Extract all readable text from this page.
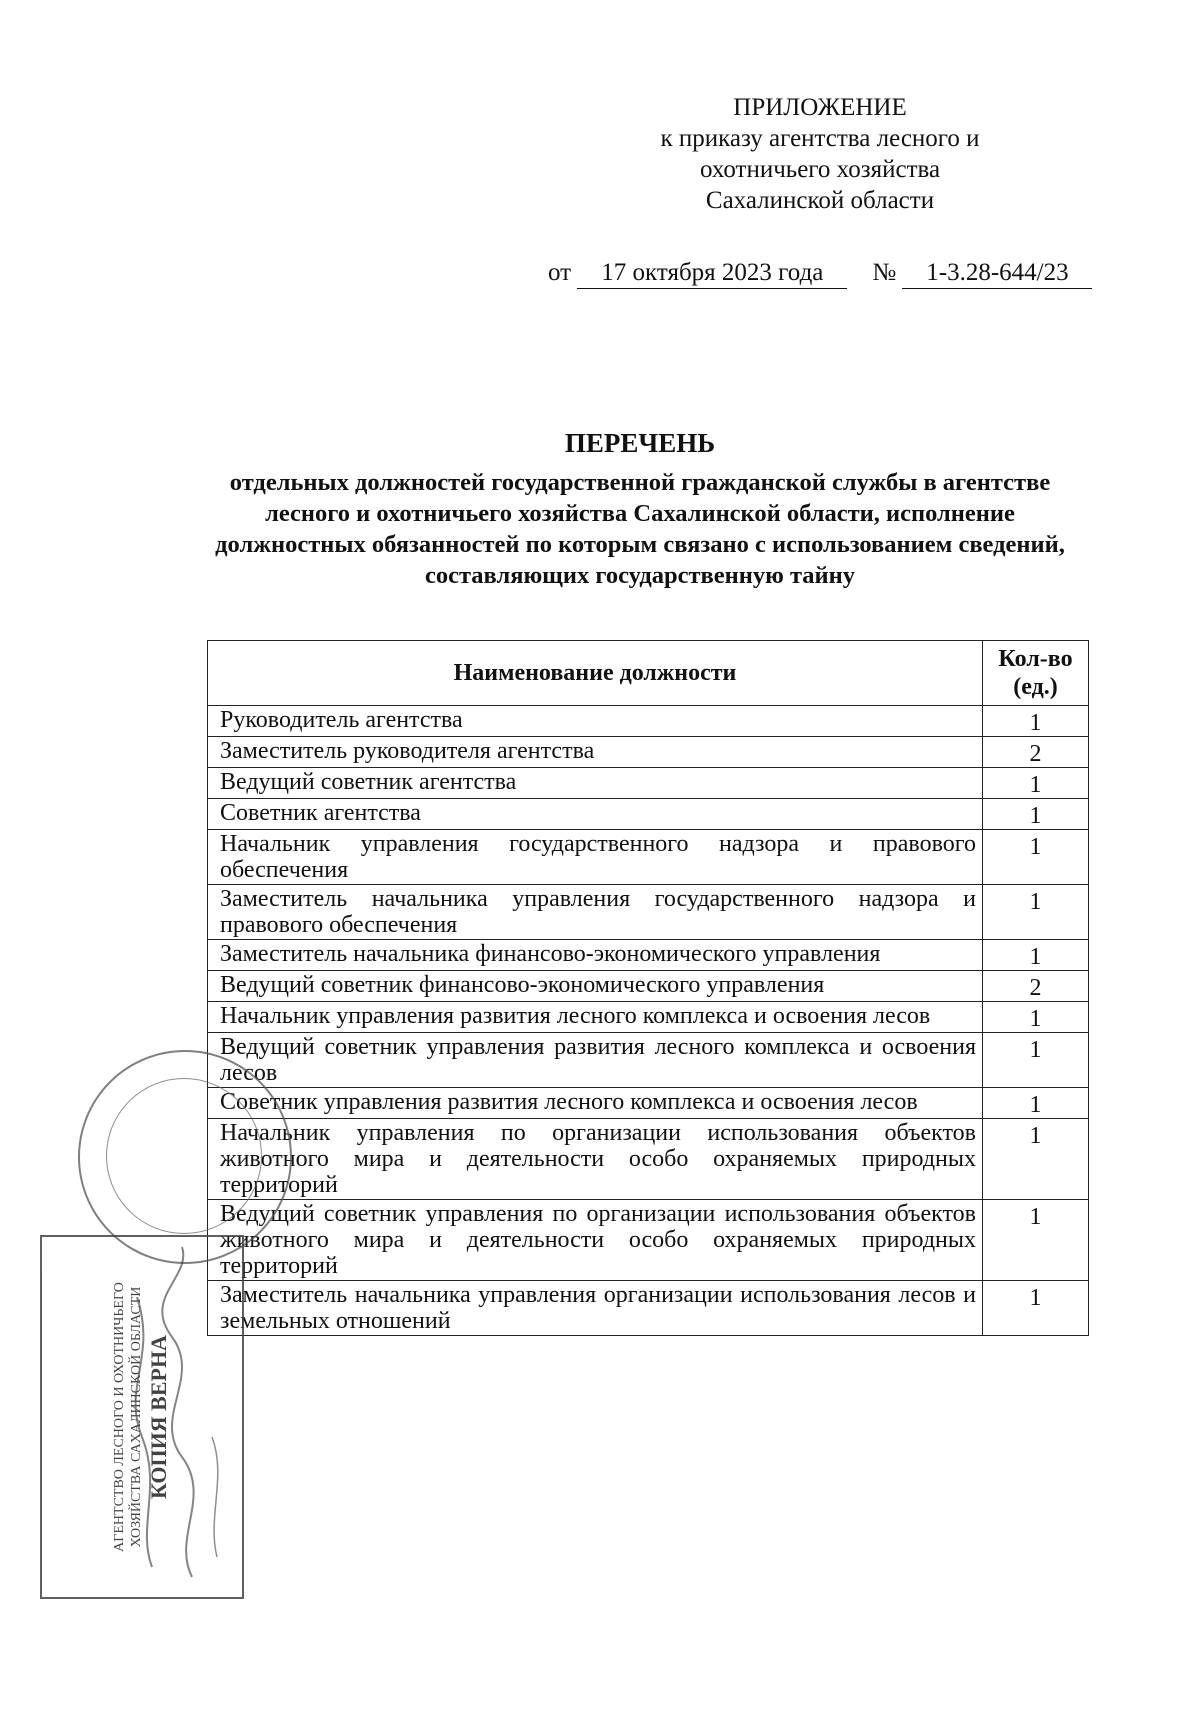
ПРИЛОЖЕНИЕ
к приказу агентства лесного и
охотничьего хозяйства
Сахалинской области
от 17 октября 2023 года № 1-3.28-644/23
ПЕРЕЧЕНЬ
отдельных должностей государственной гражданской службы в агентстве лесного и охотничьего хозяйства Сахалинской области, исполнение должностных обязанностей по которым связано с использованием сведений, составляющих государственную тайну
Наименование должности	Кол-во (ед.)
Руководитель агентства	1
Заместитель руководителя агентства	2
Ведущий советник агентства	1
Советник агентства	1
Начальник управления государственного надзора и правового обеспечения	1
Заместитель начальника управления государственного надзора и правового обеспечения	1
Заместитель начальника финансово-экономического управления	1
Ведущий советник финансово-экономического управления	2
Начальник управления развития лесного комплекса и освоения лесов	1
Ведущий советник управления развития лесного комплекса и освоения лесов	1
Советник управления развития лесного комплекса и освоения лесов	1
Начальник управления по организации использования объектов животного мира и деятельности особо охраняемых природных территорий	1
Ведущий советник управления по организации использования объектов животного мира и деятельности особо охраняемых природных территорий	1
Заместитель начальника управления организации использования лесов и земельных отношений	1
АГЕНТСТВО ЛЕСНОГО И ОХОТНИЧЬЕГО ХОЗЯЙСТВА САХАЛИНСКОЙ ОБЛАСТИ КОПИЯ ВЕРНА
